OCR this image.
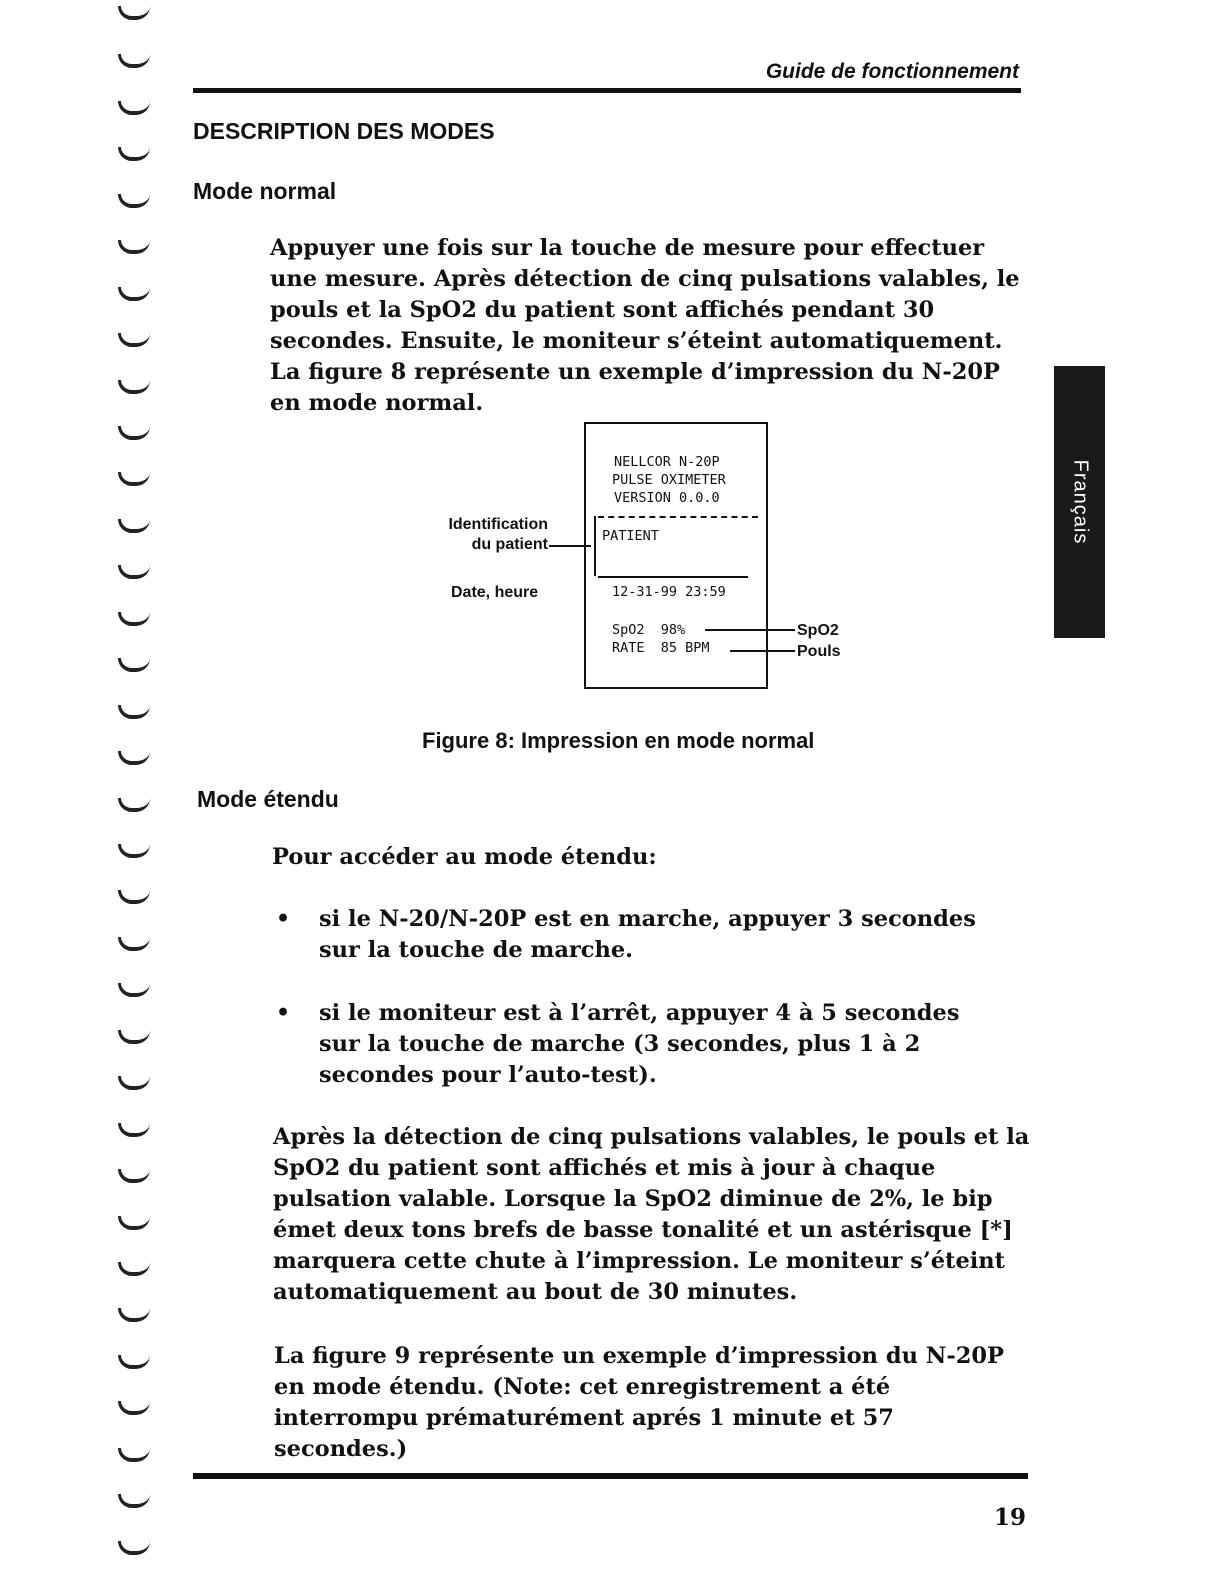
Guide de fonctionnement
Français
DESCRIPTION DES MODES
Mode normal

Appuyer une fois sur la touche de mesure pour effectuer une mesure. Après détection de cinq pulsations valables, le pouls et la SpO2 du patient sont affichés pendant 30 secondes. Ensuite, le moniteur s’éteint automatiquement. La figure 8 représente un exemple d’impression du N-20P en mode normal.

NELLCOR N-20P
PULSE OXIMETER
VERSION 0.0.0
PATIENT
12-31-99 23:59
SpO2  98%
RATE  85 BPM
Identification
du patient
Date, heure
SpO2
Pouls
Figure 8: Impression en mode normal
Mode étendu

Pour accéder au mode étendu:

• si le N-20/N-20P est en marche, appuyer 3 secondes sur la touche de marche.

• si le moniteur est à l’arrêt, appuyer 4 à 5 secondes sur la touche de marche (3 secondes, plus 1 à 2 secondes pour l’auto-test).

Après la détection de cinq pulsations valables, le pouls et la SpO2 du patient sont affichés et mis à jour à chaque pulsation valable. Lorsque la SpO2 diminue de 2%, le bip émet deux tons brefs de basse tonalité et un astérisque [*] marquera cette chute à l’impression. Le moniteur s’éteint automatiquement au bout de 30 minutes.

La figure 9 représente un exemple d’impression du N-20P en mode étendu. (Note: cet enregistrement a été interrompu prématurément aprés 1 minute et 57 secondes.)

19
